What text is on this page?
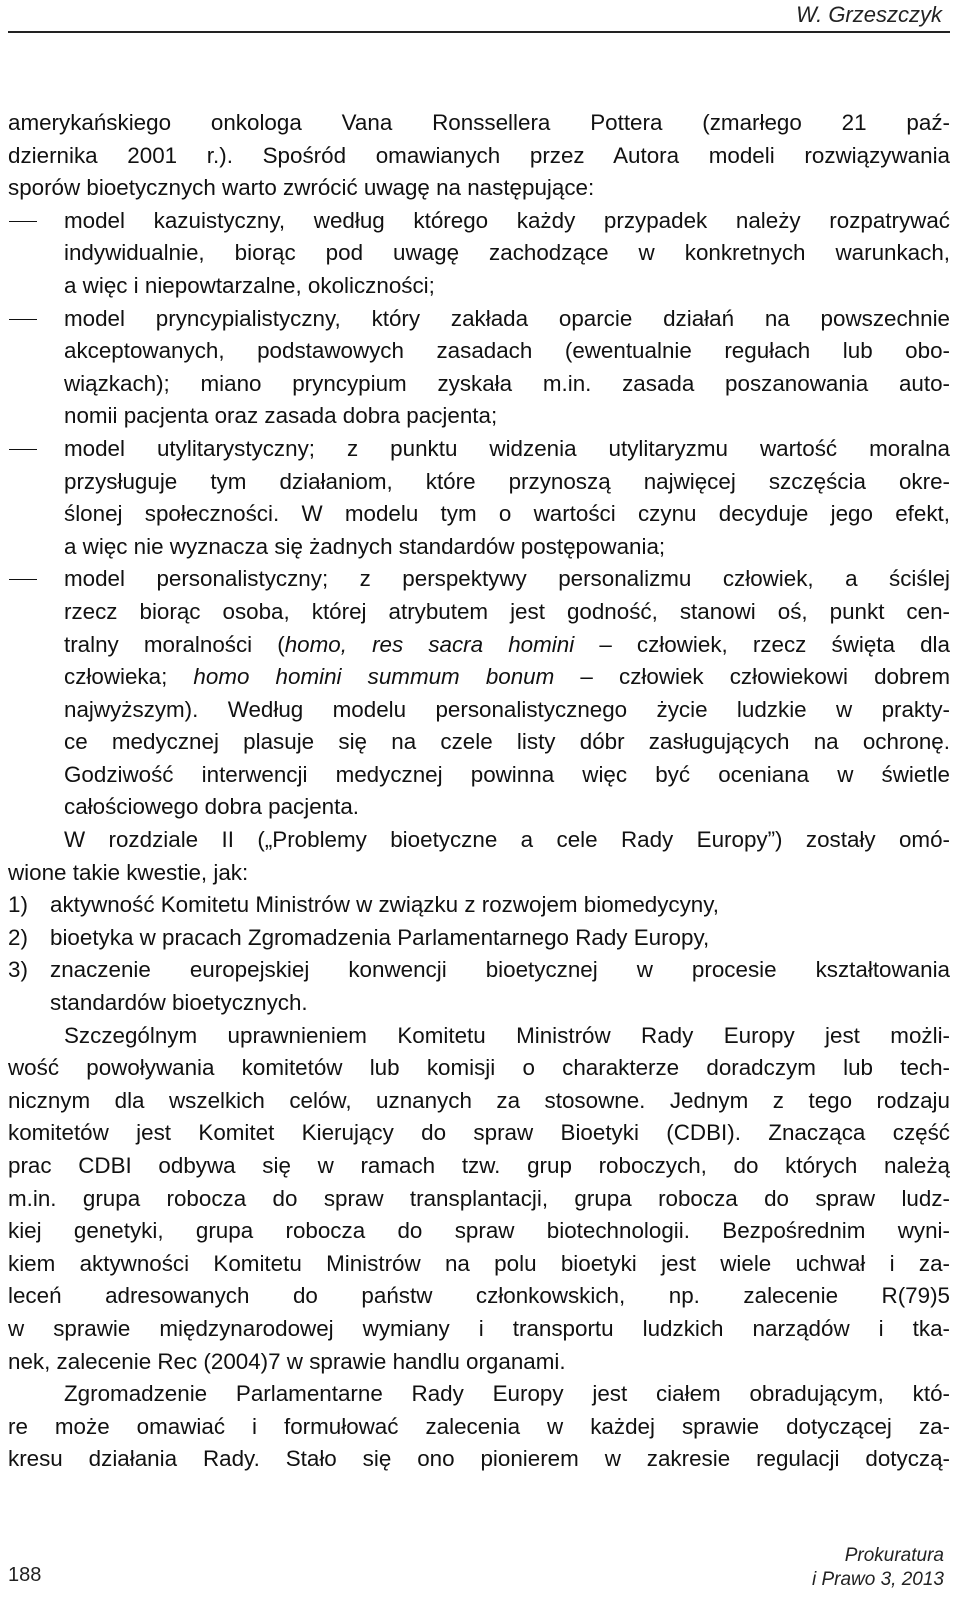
W. Grzeszczyk
amerykańskiego onkologa Vana Ronssellera Pottera (zmarłego 21 paź-
dziernika 2001 r.). Spośród omawianych przez Autora modeli rozwiązywania
sporów bioetycznych warto zwrócić uwagę na następujące:
model kazuistyczny, według którego każdy przypadek należy rozpatrywać
indywidualnie, biorąc pod uwagę zachodzące w konkretnych warunkach,
a więc i niepowtarzalne, okoliczności;
model pryncypialistyczny, który zakłada oparcie działań na powszechnie
akceptowanych, podstawowych zasadach (ewentualnie regułach lub obo-
wiązkach); miano pryncypium zyskała m.in. zasada poszanowania auto-
nomii pacjenta oraz zasada dobra pacjenta;
model utylitarystyczny; z punktu widzenia utylitaryzmu wartość moralna
przysługuje tym działaniom, które przynoszą najwięcej szczęścia okre-
ślonej społeczności. W modelu tym o wartości czynu decyduje jego efekt,
a więc nie wyznacza się żadnych standardów postępowania;
model personalistyczny; z perspektywy personalizmu człowiek, a ściślej
rzecz biorąc osoba, której atrybutem jest godność, stanowi oś, punkt cen-
tralny moralności (homo, res sacra homini – człowiek, rzecz święta dla
człowieka; homo homini summum bonum – człowiek człowiekowi dobrem
najwyższym). Według modelu personalistycznego życie ludzkie w prakty-
ce medycznej plasuje się na czele listy dóbr zasługujących na ochronę.
Godziwość interwencji medycznej powinna więc być oceniana w świetle
całościowego dobra pacjenta.
W rozdziale II („Problemy bioetyczne a cele Rady Europy”) zostały omó-
wione takie kwestie, jak:
1) aktywność Komitetu Ministrów w związku z rozwojem biomedycyny,
2) bioetyka w pracach Zgromadzenia Parlamentarnego Rady Europy,
3) znaczenie europejskiej konwencji bioetycznej w procesie kształtowania
standardów bioetycznych.
Szczególnym uprawnieniem Komitetu Ministrów Rady Europy jest możli-
wość powoływania komitetów lub komisji o charakterze doradczym lub tech-
nicznym dla wszelkich celów, uznanych za stosowne. Jednym z tego rodzaju
komitetów jest Komitet Kierujący do spraw Bioetyki (CDBI). Znacząca część
prac CDBI odbywa się w ramach tzw. grup roboczych, do których należą
m.in. grupa robocza do spraw transplantacji, grupa robocza do spraw ludz-
kiej genetyki, grupa robocza do spraw biotechnologii. Bezpośrednim wyni-
kiem aktywności Komitetu Ministrów na polu bioetyki jest wiele uchwał i za-
leceń adresowanych do państw członkowskich, np. zalecenie R(79)5
w sprawie międzynarodowej wymiany i transportu ludzkich narządów i tka-
nek, zalecenie Rec (2004)7 w sprawie handlu organami.
Zgromadzenie Parlamentarne Rady Europy jest ciałem obradującym, któ-
re może omawiać i formułować zalecenia w każdej sprawie dotyczącej za-
kresu działania Rady. Stało się ono pionierem w zakresie regulacji dotyczą-
188
Prokuratura
i Prawo 3, 2013
